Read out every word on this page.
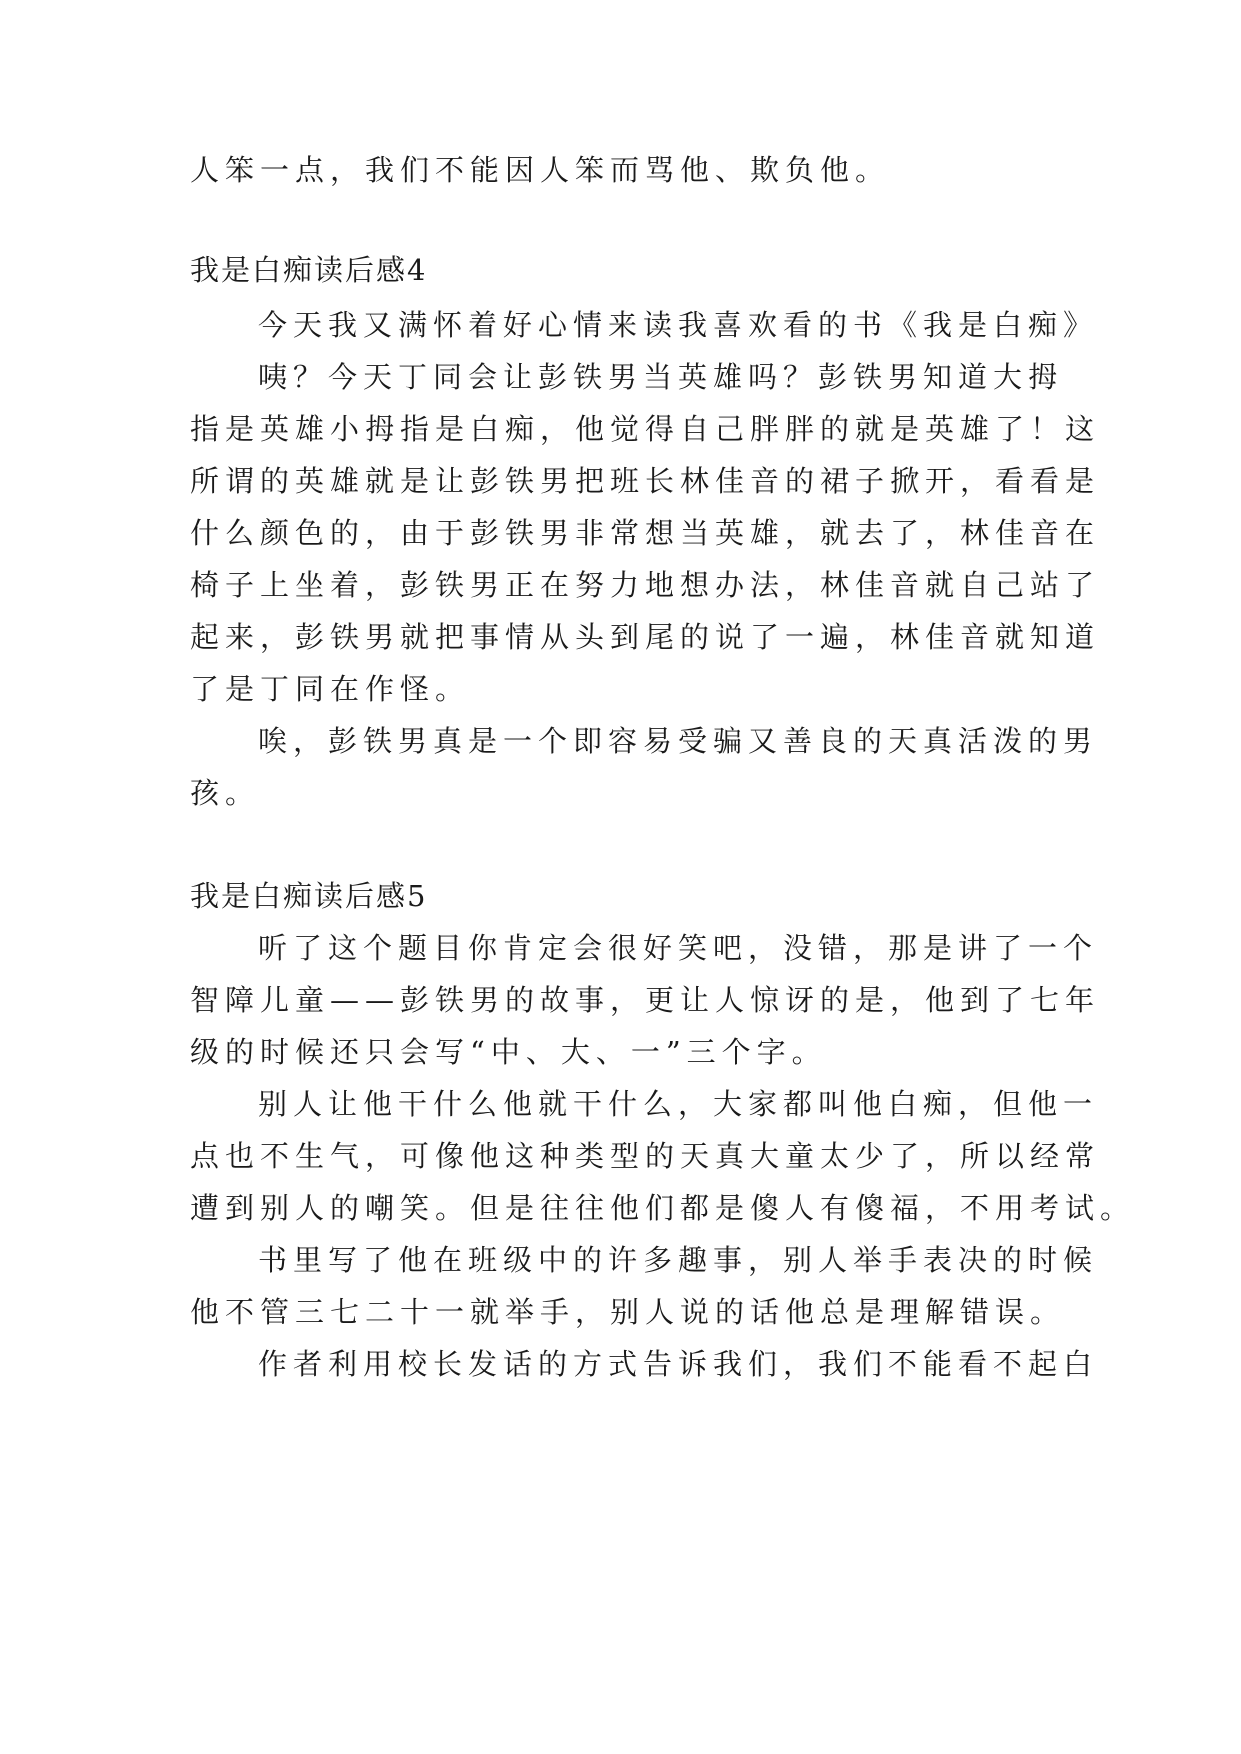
人笨一点，我们不能因人笨而骂他、欺负他。
我是白痴读后感4
今天我又满怀着好心情来读我喜欢看的书《我是白痴》
咦？今天丁同会让彭铁男当英雄吗？彭铁男知道大拇
指是英雄小拇指是白痴，他觉得自己胖胖的就是英雄了！这
所谓的英雄就是让彭铁男把班长林佳音的裙子掀开，看看是
什么颜色的，由于彭铁男非常想当英雄，就去了，林佳音在
椅子上坐着，彭铁男正在努力地想办法，林佳音就自己站了
起来，彭铁男就把事情从头到尾的说了一遍，林佳音就知道
了是丁同在作怪。
唉，彭铁男真是一个即容易受骗又善良的天真活泼的男
孩。
我是白痴读后感5
听了这个题目你肯定会很好笑吧，没错，那是讲了一个
智障儿童——彭铁男的故事，更让人惊讶的是，他到了七年
级的时候还只会写“中、大、一”三个字。
别人让他干什么他就干什么，大家都叫他白痴，但他一
点也不生气，可像他这种类型的天真大童太少了，所以经常
遭到别人的嘲笑。但是往往他们都是傻人有傻福，不用考试。
书里写了他在班级中的许多趣事，别人举手表决的时候
他不管三七二十一就举手，别人说的话他总是理解错误。
作者利用校长发话的方式告诉我们，我们不能看不起白
